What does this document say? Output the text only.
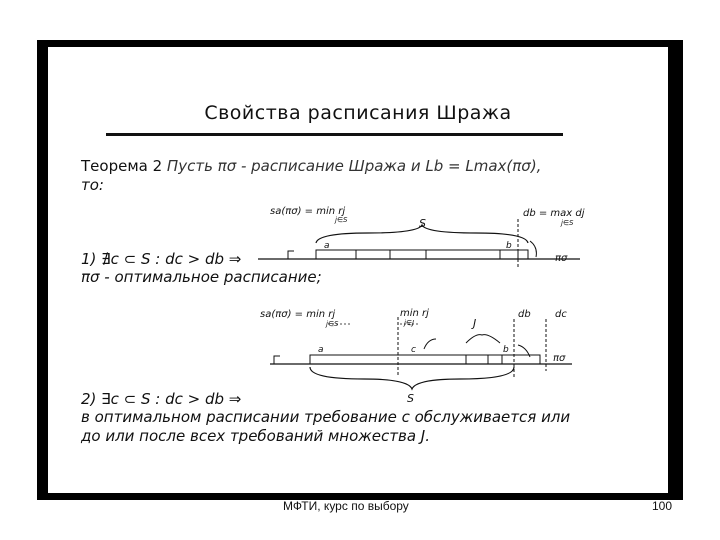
Свойства расписания Шража
Теорема 2 Пусть πσ - расписание Шража и Lb = Lmax(πσ),
то:
1) ∄c ⊂ S : dc > db ⇒
πσ - оптимальное расписание;
2) ∃c ⊂ S : dc > db ⇒
в оптимальном расписании требование c обслуживается или
до или после всех требований множества J.
sa(πσ) = min rj
j∈S
db = max dj
j∈S
S
a	b
πσ
sa(πσ) = min rj
j∈S
min rj
j∈J	J
db dc
a	c	b
S
πσ
МФТИ, курс по выбору	100
